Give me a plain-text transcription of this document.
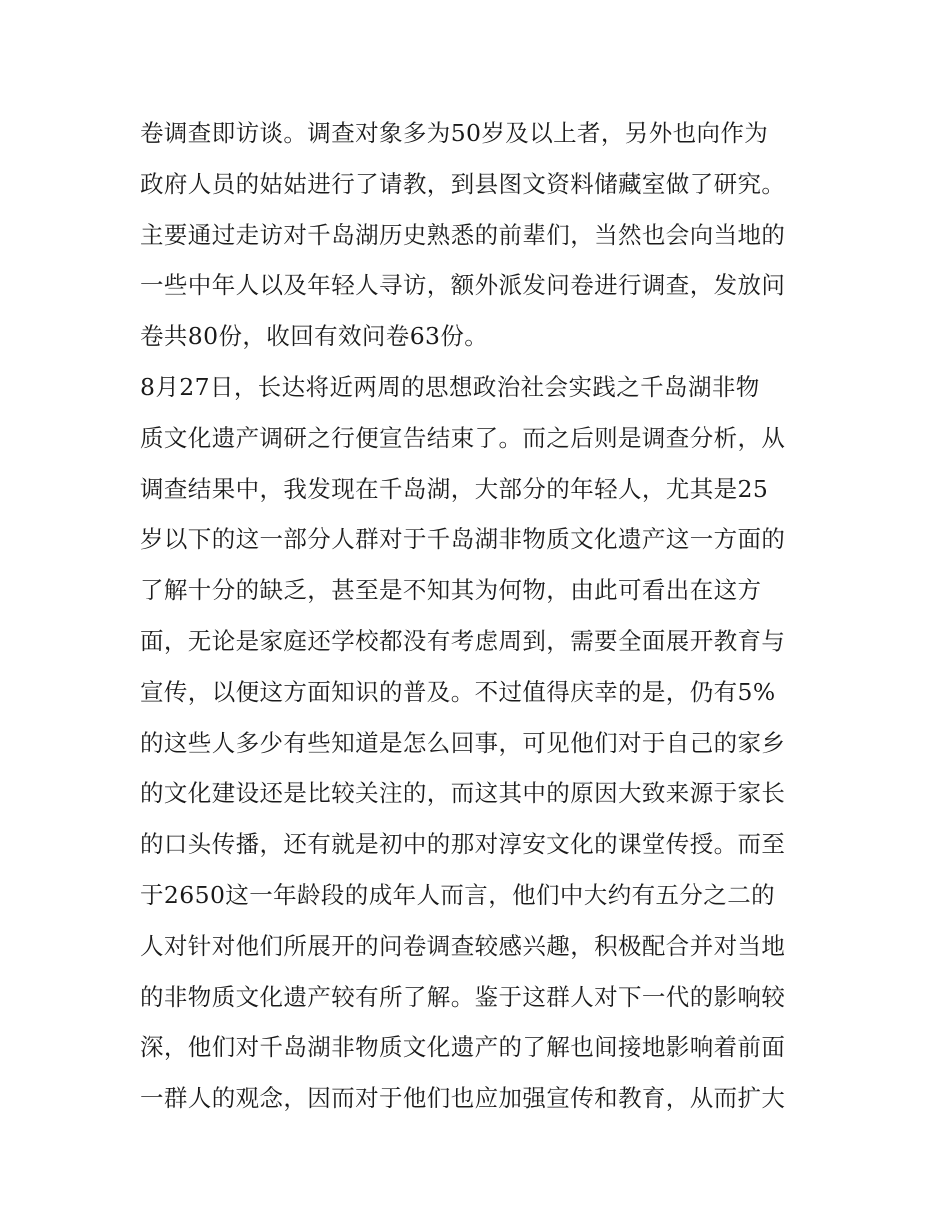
卷调查即访谈。调查对象多为50岁及以上者，另外也向作为
政府人员的姑姑进行了请教，到县图文资料储藏室做了研究。
主要通过走访对千岛湖历史熟悉的前辈们，当然也会向当地的
一些中年人以及年轻人寻访，额外派发问卷进行调查，发放问
卷共80份，收回有效问卷63份。
8月27日，长达将近两周的思想政治社会实践之千岛湖非物
质文化遗产调研之行便宣告结束了。而之后则是调查分析，从
调查结果中，我发现在千岛湖，大部分的年轻人，尤其是25
岁以下的这一部分人群对于千岛湖非物质文化遗产这一方面的
了解十分的缺乏，甚至是不知其为何物，由此可看出在这方
面，无论是家庭还学校都没有考虑周到，需要全面展开教育与
宣传，以便这方面知识的普及。不过值得庆幸的是，仍有5%
的这些人多少有些知道是怎么回事，可见他们对于自己的家乡
的文化建设还是比较关注的，而这其中的原因大致来源于家长
的口头传播，还有就是初中的那对淳安文化的课堂传授。而至
于2650这一年龄段的成年人而言，他们中大约有五分之二的
人对针对他们所展开的问卷调查较感兴趣，积极配合并对当地
的非物质文化遗产较有所了解。鉴于这群人对下一代的影响较
深，他们对千岛湖非物质文化遗产的了解也间接地影响着前面
一群人的观念，因而对于他们也应加强宣传和教育，从而扩大
